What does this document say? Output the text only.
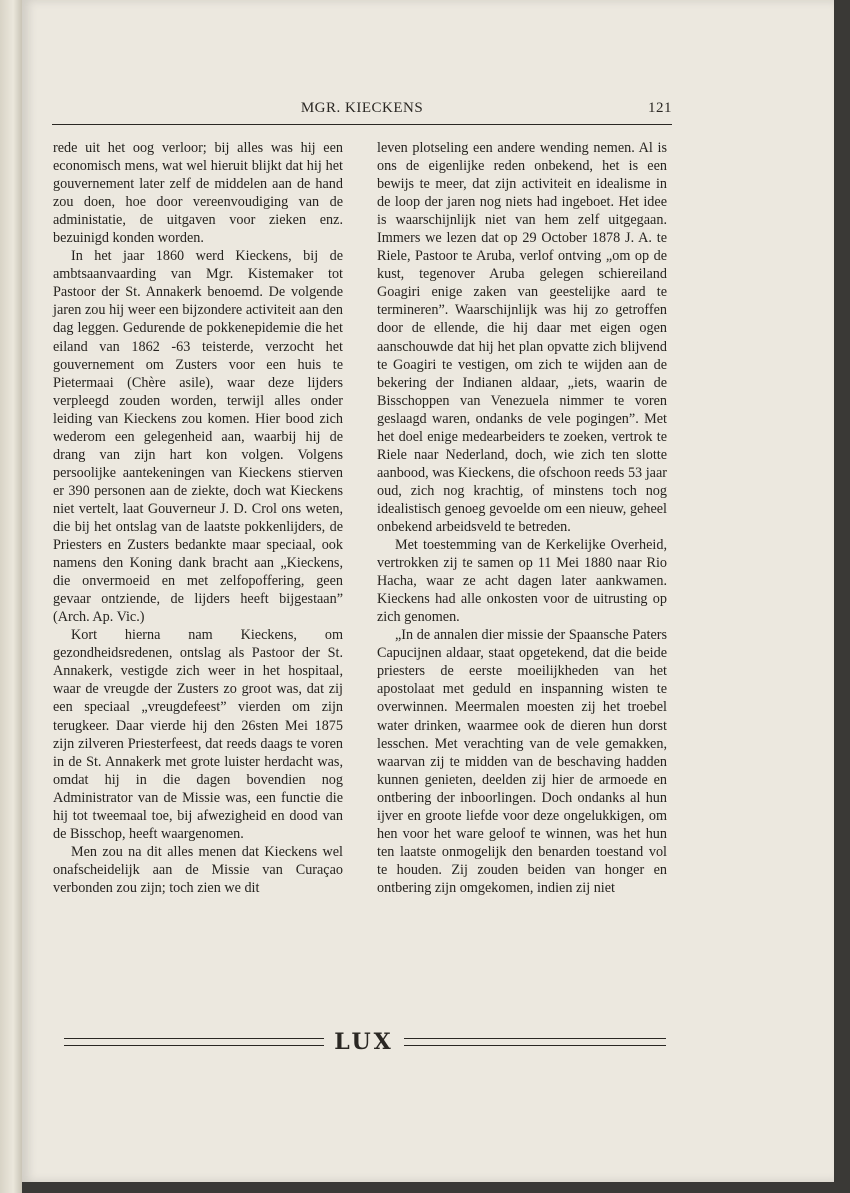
MGR. KIECKENS	121

rede uit het oog verloor; bij alles was hij een economisch mens, wat wel hieruit blijkt dat hij het gouvernement later zelf de middelen aan de hand zou doen, hoe door vereenvoudiging van de administatie, de uitgaven voor zieken enz. bezuinigd konden worden.

In het jaar 1860 werd Kieckens, bij de ambtsaanvaarding van Mgr. Kistemaker tot Pastoor der St. Annakerk benoemd. De volgende jaren zou hij weer een bijzondere activiteit aan den dag leggen. Gedurende de pokkenepidemie die het eiland van 1862 -63 teisterde, verzocht het gouvernement om Zusters voor een huis te Pietermaai (Chère asile), waar deze lijders verpleegd zouden worden, terwijl alles onder leiding van Kieckens zou komen. Hier bood zich wederom een gelegenheid aan, waarbij hij de drang van zijn hart kon volgen. Volgens persoolijke aantekeningen van Kieckens stierven er 390 personen aan de ziekte, doch wat Kieckens niet vertelt, laat Gouverneur J. D. Crol ons weten, die bij het ontslag van de laatste pokkenlijders, de Priesters en Zusters bedankte maar speciaal, ook namens den Koning dank bracht aan „Kieckens, die onvermoeid en met zelfopoffering, geen gevaar ontziende, de lijders heeft bijgestaan” (Arch. Ap. Vic.)

Kort hierna nam Kieckens, om gezondheidsredenen, ontslag als Pastoor der St. Annakerk, vestigde zich weer in het hospitaal, waar de vreugde der Zusters zo groot was, dat zij een speciaal „vreugdefeest” vierden om zijn terugkeer. Daar vierde hij den 26sten Mei 1875 zijn zilveren Priesterfeest, dat reeds daags te voren in de St. Annakerk met grote luister herdacht was, omdat hij in die dagen bovendien nog Administrator van de Missie was, een functie die hij tot tweemaal toe, bij afwezigheid en dood van de Bisschop, heeft waargenomen.

Men zou na dit alles menen dat Kieckens wel onafscheidelijk aan de Missie van Curaçao verbonden zou zijn; toch zien we dit

leven plotseling een andere wending nemen. Al is ons de eigenlijke reden onbekend, het is een bewijs te meer, dat zijn activiteit en idealisme in de loop der jaren nog niets had ingeboet. Het idee is waarschijnlijk niet van hem zelf uitgegaan. Immers we lezen dat op 29 October 1878 J. A. te Riele, Pastoor te Aruba, verlof ontving „om op de kust, tegenover Aruba gelegen schiereiland Goagiri enige zaken van geestelijke aard te termineren”. Waarschijnlijk was hij zo getroffen door de ellende, die hij daar met eigen ogen aanschouwde dat hij het plan opvatte zich blijvend te Goagiri te vestigen, om zich te wijden aan de bekering der Indianen aldaar, „iets, waarin de Bisschoppen van Venezuela nimmer te voren geslaagd waren, ondanks de vele pogingen”. Met het doel enige medearbeiders te zoeken, vertrok te Riele naar Nederland, doch, wie zich ten slotte aanbood, was Kieckens, die ofschoon reeds 53 jaar oud, zich nog krachtig, of minstens toch nog idealistisch genoeg gevoelde om een nieuw, geheel onbekend arbeidsveld te betreden.

Met toestemming van de Kerkelijke Overheid, vertrokken zij te samen op 11 Mei 1880 naar Rio Hacha, waar ze acht dagen later aankwamen. Kieckens had alle onkosten voor de uitrusting op zich genomen.

„In de annalen dier missie der Spaansche Paters Capucijnen aldaar, staat opgetekend, dat die beide priesters de eerste moeilijkheden van het apostolaat met geduld en inspanning wisten te overwinnen. Meermalen moesten zij het troebel water drinken, waarmee ook de dieren hun dorst lesschen. Met verachting van de vele gemakken, waarvan zij te midden van de beschaving hadden kunnen genieten, deelden zij hier de armoede en ontbering der inboorlingen. Doch ondanks al hun ijver en groote liefde voor deze ongelukkigen, om hen voor het ware geloof te winnen, was het hun ten laatste onmogelijk den benarden toestand vol te houden. Zij zouden beiden van honger en ontbering zijn omgekomen, indien zij niet

LUX
